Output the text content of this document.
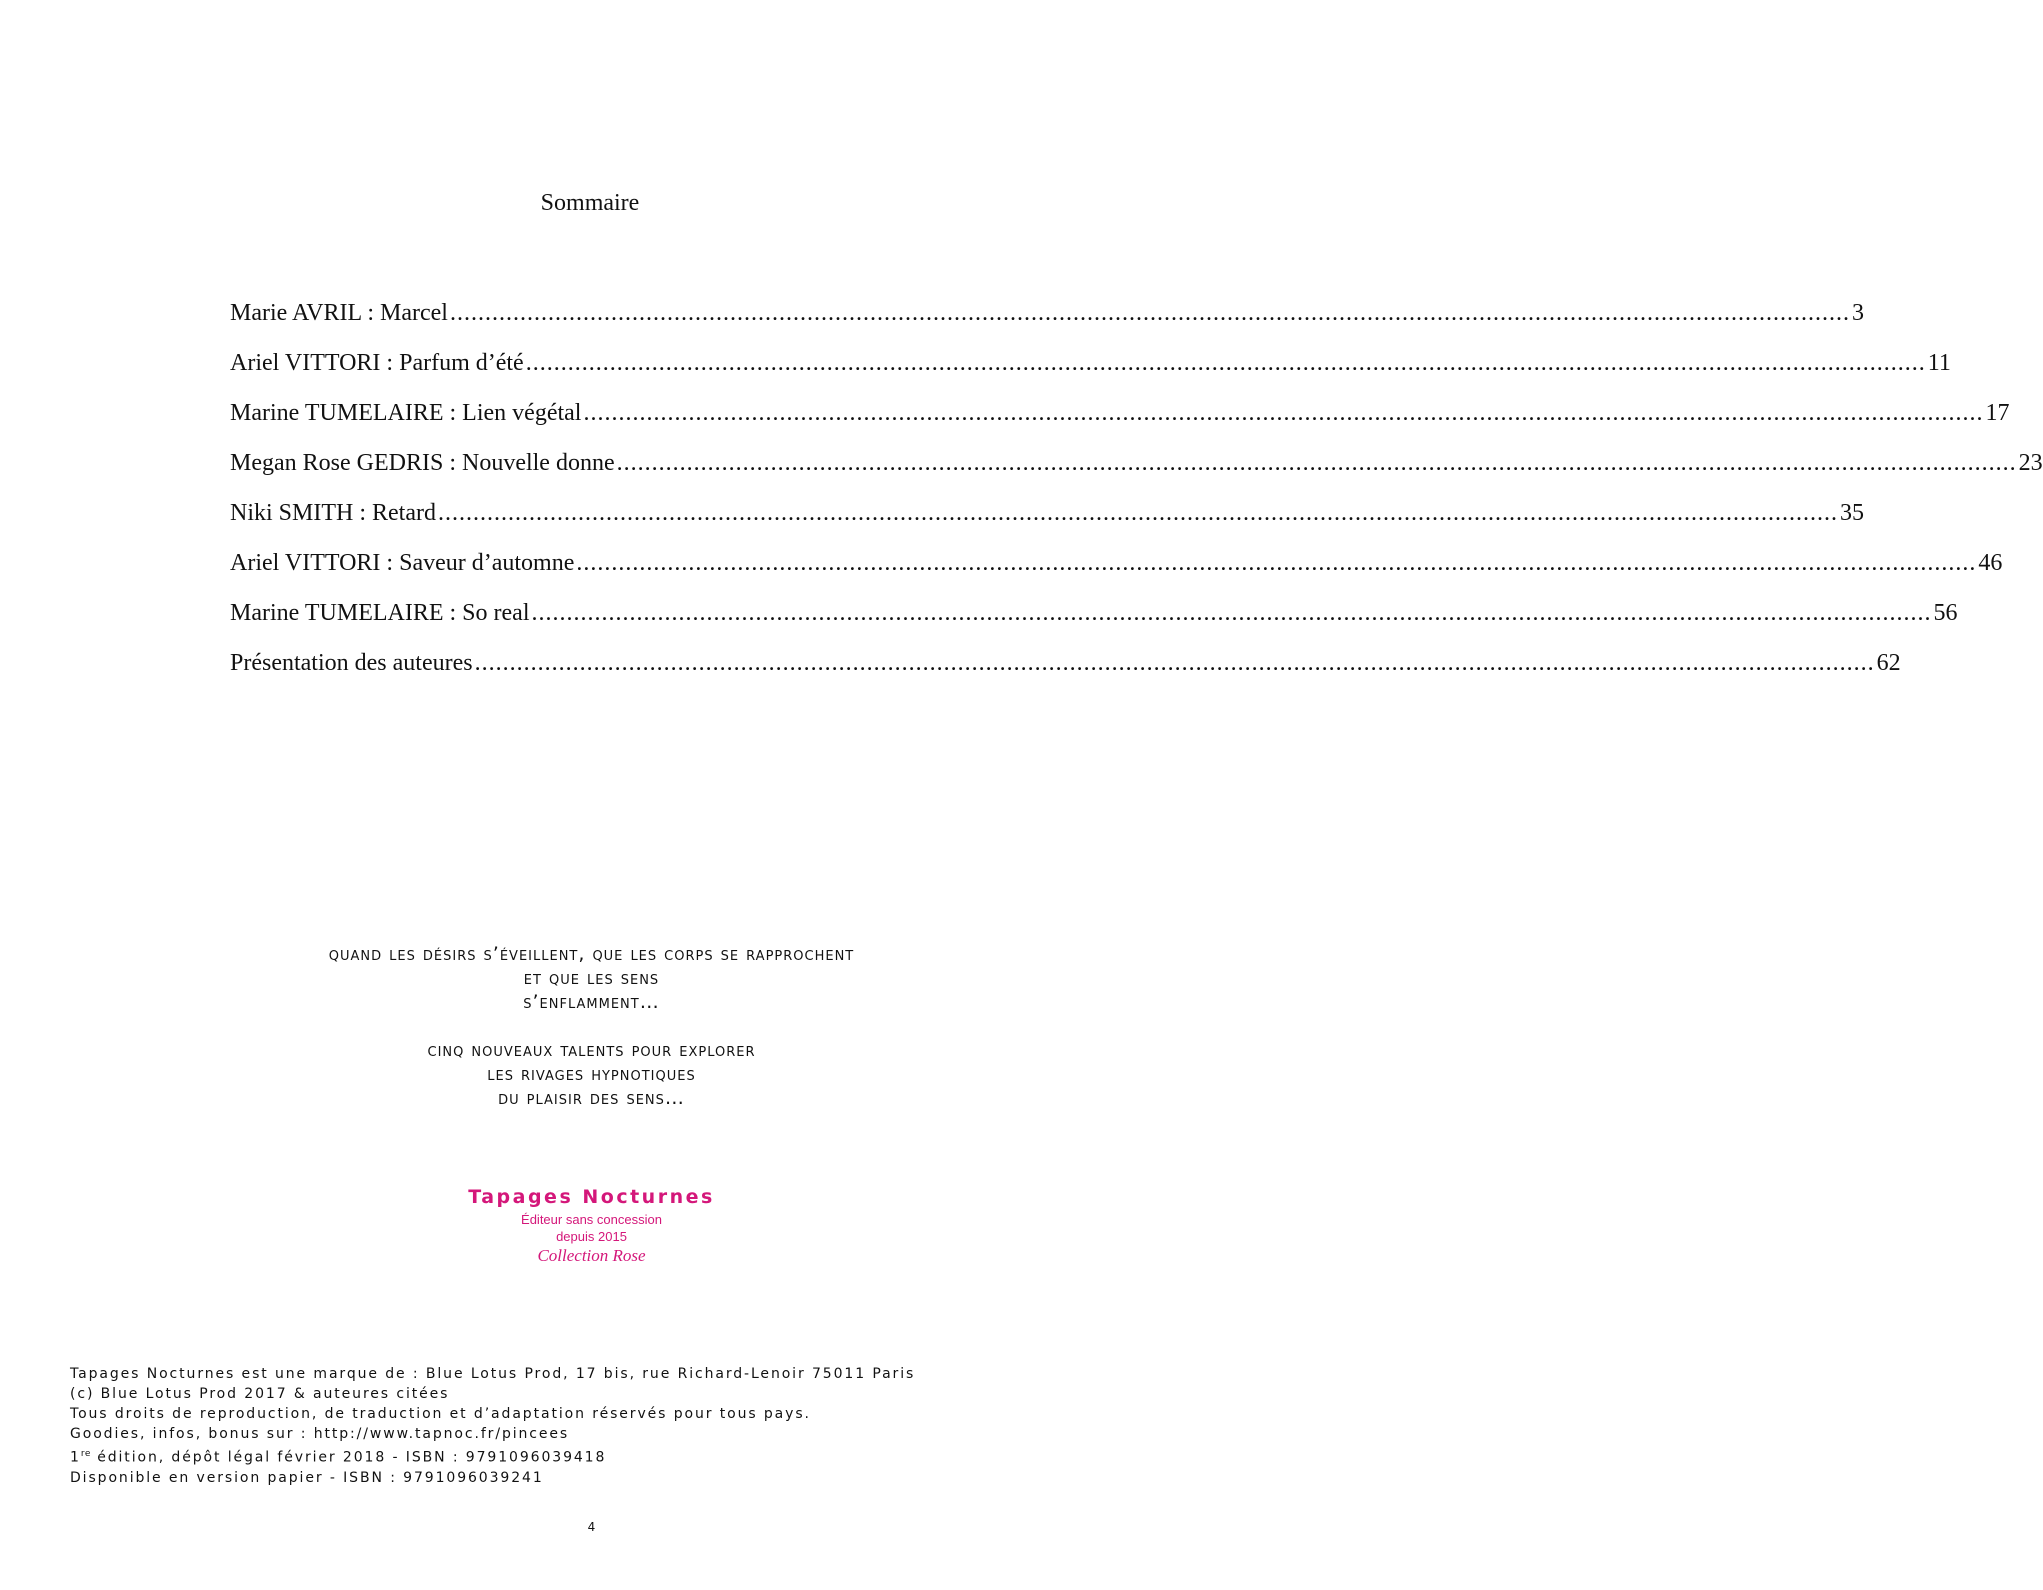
Sommaire
Marie AVRIL : Marcel ........................................................................................................................................................................................................ 3
Ariel VITTORI : Parfum d’été ........................................................................................................................................................................................................ 11
Marine TUMELAIRE : Lien végétal ........................................................................................................................................................................................................ 17
Megan Rose GEDRIS : Nouvelle donne ........................................................................................................................................................................................................ 23
Niki SMITH : Retard ........................................................................................................................................................................................................ 35
Ariel VITTORI : Saveur d’automne ........................................................................................................................................................................................................ 46
Marine TUMELAIRE : So real ........................................................................................................................................................................................................ 56
Présentation des auteures ........................................................................................................................................................................................................ 62
quand les désirs s’éveillent, que les corps se rapprochent
et que les sens
s’enflamment…
cinq nouveaux talents pour explorer
les rivages hypnotiques
du plaisir des sens…
Tapages Nocturnes
Éditeur sans concession
depuis 2015
Collection Rose
Tapages Nocturnes est une marque de : Blue Lotus Prod, 17 bis, rue Richard-Lenoir 75011 Paris
(c) Blue Lotus Prod 2017 & auteures citées
Tous droits de reproduction, de traduction et d’adaptation réservés pour tous pays.
Goodies, infos, bonus sur : http://www.tapnoc.fr/pincees
1re édition, dépôt légal février 2018 - ISBN : 9791096039418
Disponible en version papier - ISBN : 9791096039241
4
